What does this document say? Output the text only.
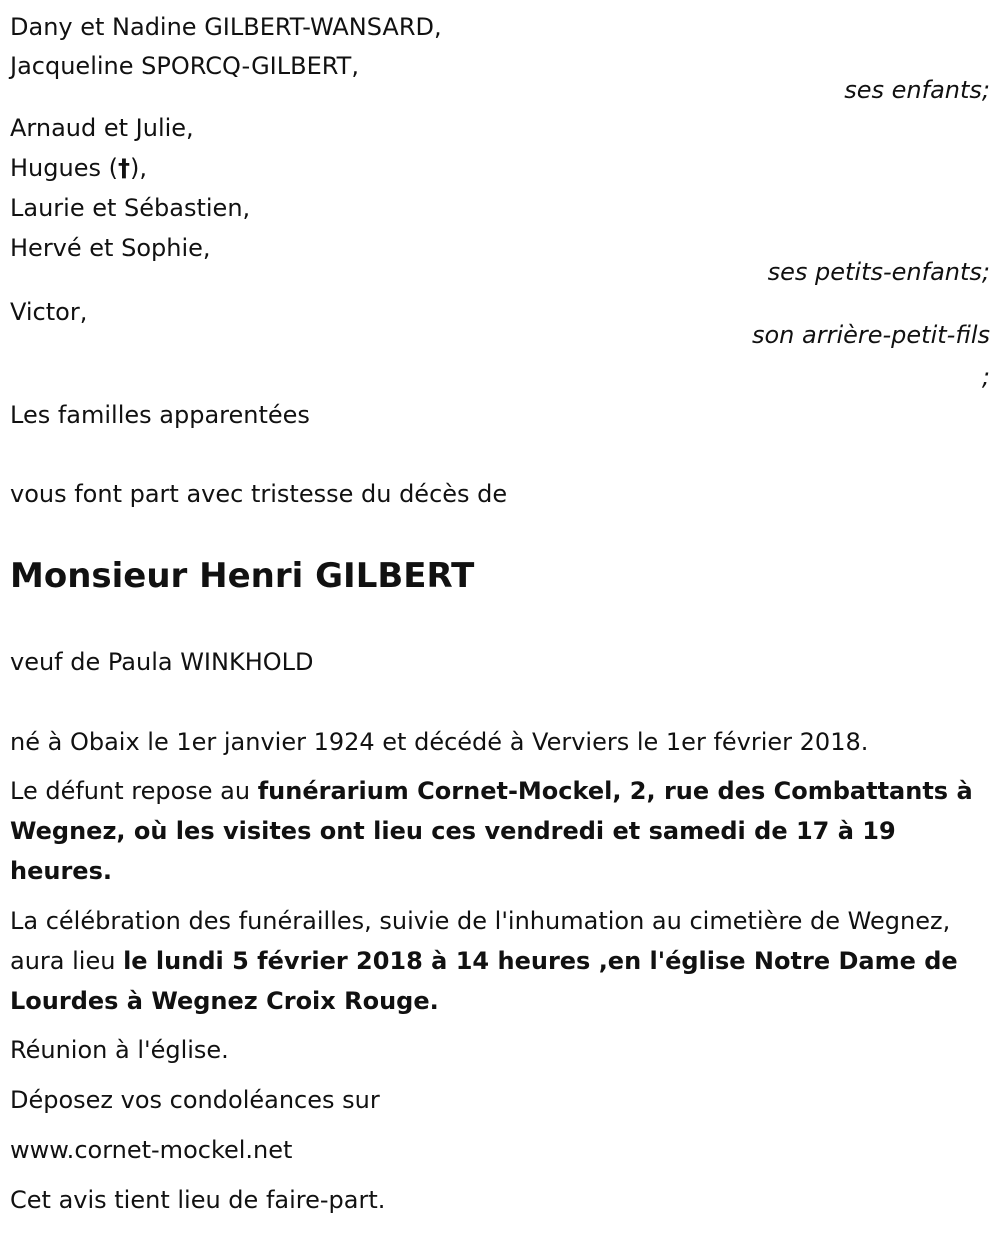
Dany et Nadine GILBERT-WANSARD,
Jacqueline SPORCQ-GILBERT,
ses enfants;
Arnaud et Julie,
Hugues (†),
Laurie et Sébastien,
Hervé et Sophie,
ses petits-enfants;
Victor,
son arrière-petit-fils
;
Les familles apparentées
vous font part avec tristesse du décès de
Monsieur Henri GILBERT
veuf de Paula WINKHOLD
né à Obaix le 1er janvier 1924 et décédé à Verviers le 1er février 2018.
Le défunt repose au funérarium Cornet-Mockel, 2, rue des Combattants à Wegnez, où les visites ont lieu ces vendredi et samedi de 17 à 19 heures.
La célébration des funérailles, suivie de l'inhumation au cimetière de Wegnez, aura lieu le lundi 5 février 2018 à 14 heures ,en l'église Notre Dame de Lourdes à Wegnez Croix Rouge.
Réunion à l'église.
Déposez vos condoléances sur
www.cornet-mockel.net
Cet avis tient lieu de faire-part.
